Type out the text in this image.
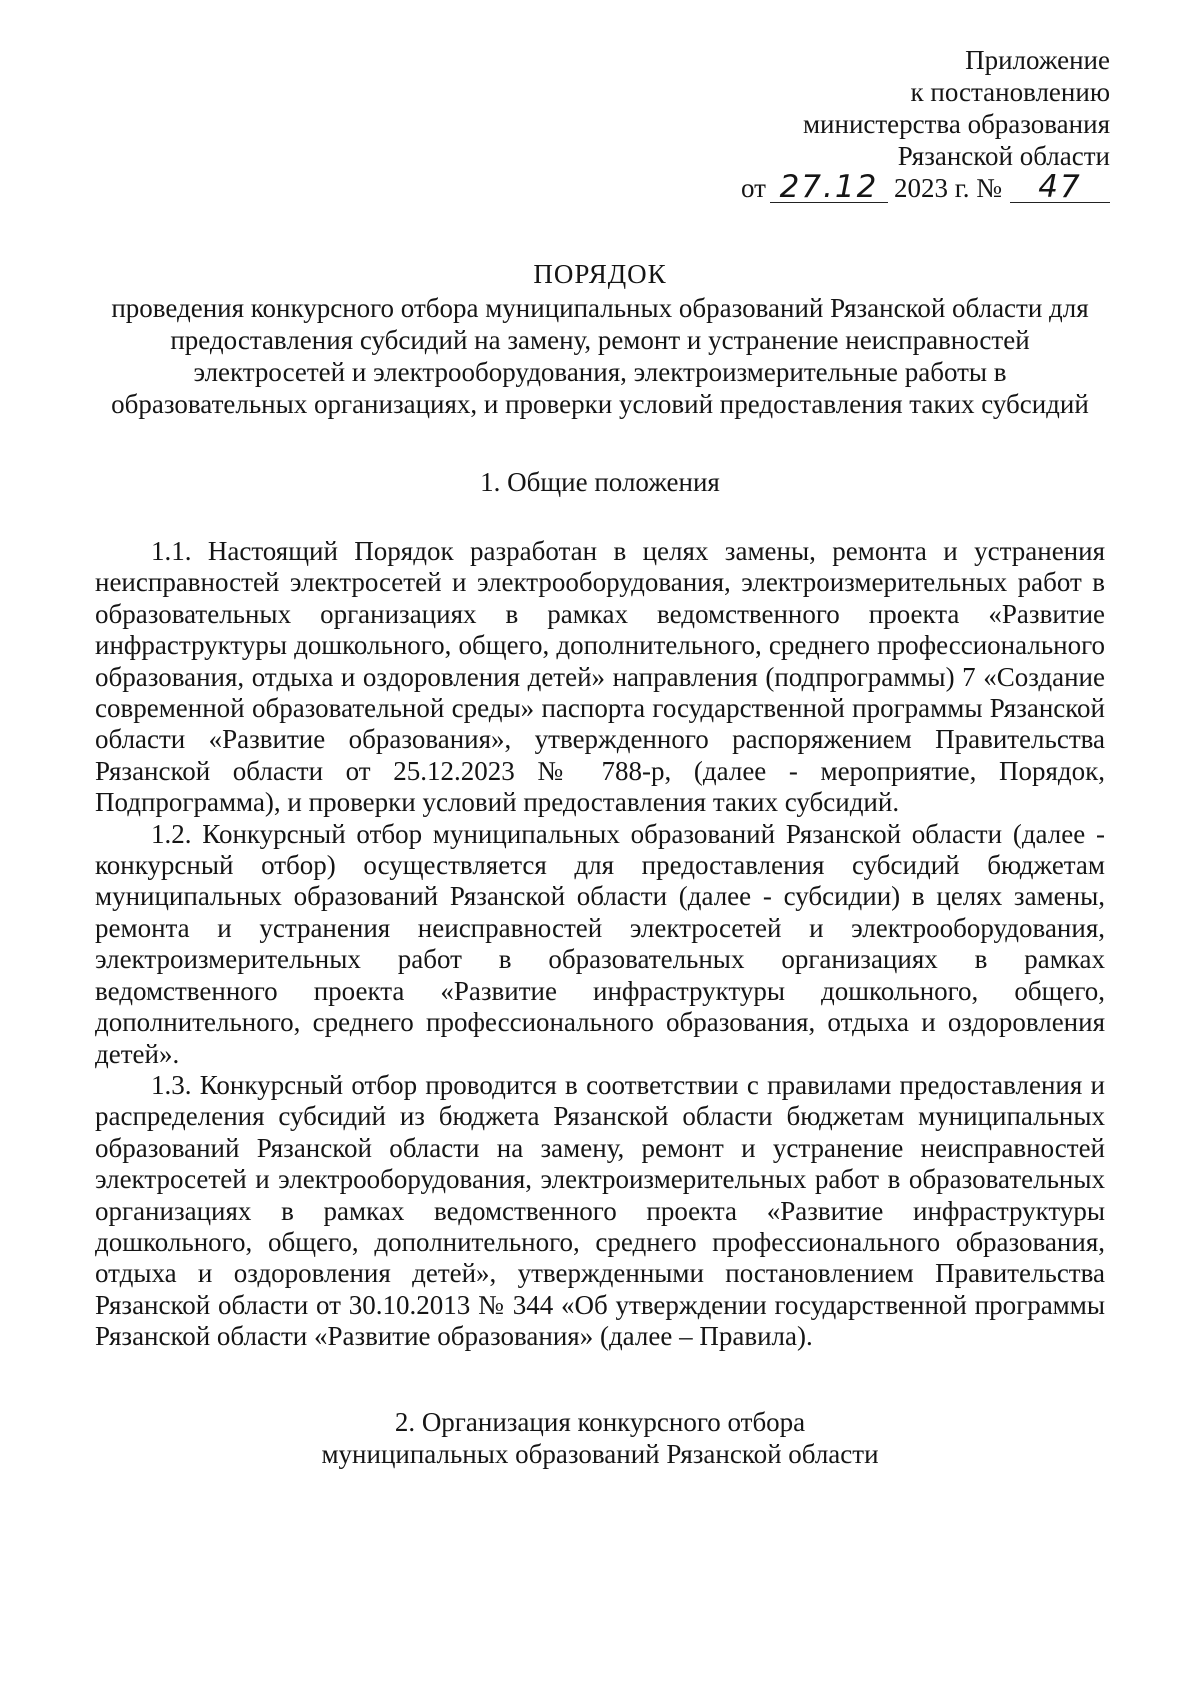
Приложение
к постановлению
министерства образования
Рязанской области
от 27.12 2023 г. №	47
ПОРЯДОК
проведения конкурсного отбора муниципальных образований Рязанской области для предоставления субсидий на замену, ремонт и устранение неисправностей электросетей и электрооборудования, электроизмерительные работы в образовательных организациях, и проверки условий предоставления таких субсидий
1. Общие положения

1.1. Настоящий Порядок разработан в целях замены, ремонта и устранения неисправностей электросетей и электрооборудования, электроизмерительных работ в образовательных организациях в рамках ведомственного проекта «Развитие инфраструктуры дошкольного, общего, дополнительного, среднего профессионального образования, отдыха и оздоровления детей» направления (подпрограммы) 7 «Создание современной образовательной среды» паспорта государственной программы Рязанской области «Развитие образования», утвержденного распоряжением Правительства Рязанской области от 25.12.2023 № 788-р, (далее - мероприятие, Порядок, Подпрограмма), и проверки условий предоставления таких субсидий.

1.2. Конкурсный отбор муниципальных образований Рязанской области (далее - конкурсный отбор) осуществляется для предоставления субсидий бюджетам муниципальных образований Рязанской области (далее - субсидии) в целях замены, ремонта и устранения неисправностей электросетей и электрооборудования, электроизмерительных работ в образовательных организациях в рамках ведомственного проекта «Развитие инфраструктуры дошкольного, общего, дополнительного, среднего профессионального образования, отдыха и оздоровления детей».

1.3. Конкурсный отбор проводится в соответствии с правилами предоставления и распределения субсидий из бюджета Рязанской области бюджетам муниципальных образований Рязанской области на замену, ремонт и устранение неисправностей электросетей и электрооборудования, электроизмерительных работ в образовательных организациях в рамках ведомственного проекта «Развитие инфраструктуры дошкольного, общего, дополнительного, среднего профессионального образования, отдыха и оздоровления детей», утвержденными постановлением Правительства Рязанской области от 30.10.2013 № 344 «Об утверждении государственной программы Рязанской области «Развитие образования» (далее – Правила).

2. Организация конкурсного отбора
муниципальных образований Рязанской области
